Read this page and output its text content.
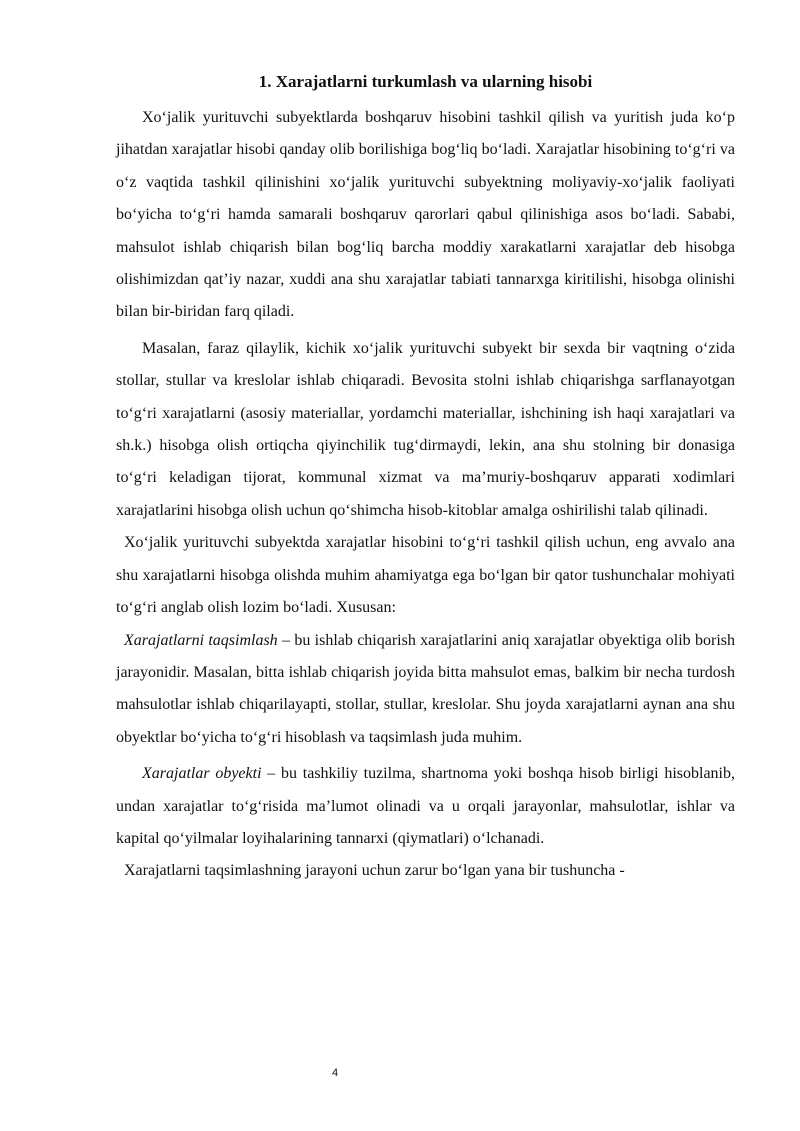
1. Xarajatlarni turkumlash va ularning hisobi

Xo‘jalik yurituvchi subyektlarda boshqaruv hisobini tashkil qilish va yuritish juda ko‘p jihatdan xarajatlar hisobi qanday olib borilishiga bog‘liq bo‘ladi. Xarajatlar hisobining to‘g‘ri va o‘z vaqtida tashkil qilinishini xo‘jalik yurituvchi subyektning moliyaviy-xo‘jalik faoliyati bo‘yicha to‘g‘ri hamda samarali boshqaruv qarorlari qabul qilinishiga asos bo‘ladi. Sababi, mahsulot ishlab chiqarish bilan bog‘liq barcha moddiy xarakatlarni xarajatlar deb hisobga olishimizdan qat’iy nazar, xuddi ana shu xarajatlar tabiati tannarxga kiritilishi, hisobga olinishi bilan bir-biridan farq qiladi.

Masalan, faraz qilaylik, kichik xo‘jalik yurituvchi subyekt bir sexda bir vaqtning o‘zida stollar, stullar va kreslolar ishlab chiqaradi. Bevosita stolni ishlab chiqarishga sarflanayotgan to‘g‘ri xarajatlarni (asosiy materiallar, yordamchi materiallar, ishchining ish haqi xarajatlari va sh.k.) hisobga olish ortiqcha qiyinchilik tug‘dirmaydi, lekin, ana shu stolning bir donasiga to‘g‘ri keladigan tijorat, kommunal xizmat va ma’muriy-boshqaruv apparati xodimlari xarajatlarini hisobga olish uchun qo‘shimcha hisob-kitoblar amalga oshirilishi talab qilinadi.

Xo‘jalik yurituvchi subyektda xarajatlar hisobini to‘g‘ri tashkil qilish uchun, eng avvalo ana shu xarajatlarni hisobga olishda muhim ahamiyatga ega bo‘lgan bir qator tushunchalar mohiyati to‘g‘ri anglab olish lozim bo‘ladi. Xususan:

Xarajatlarni taqsimlash – bu ishlab chiqarish xarajatlarini aniq xarajatlar obyektiga olib borish jarayonidir. Masalan, bitta ishlab chiqarish joyida bitta mahsulot emas, balkim bir necha turdosh mahsulotlar ishlab chiqarilayapti, stollar, stullar, kreslolar. Shu joyda xarajatlarni aynan ana shu obyektlar bo‘yicha to‘g‘ri hisoblash va taqsimlash juda muhim.

Xarajatlar obyekti – bu tashkiliy tuzilma, shartnoma yoki boshqa hisob birligi hisoblanib, undan xarajatlar to‘g‘risida ma’lumot olinadi va u orqali jarayonlar, mahsulotlar, ishlar va kapital qo‘yilmalar loyihalarining tannarxi (qiymatlari) o‘lchanadi.

Xarajatlarni taqsimlashning jarayoni uchun zarur bo‘lgan yana bir tushuncha -

4
